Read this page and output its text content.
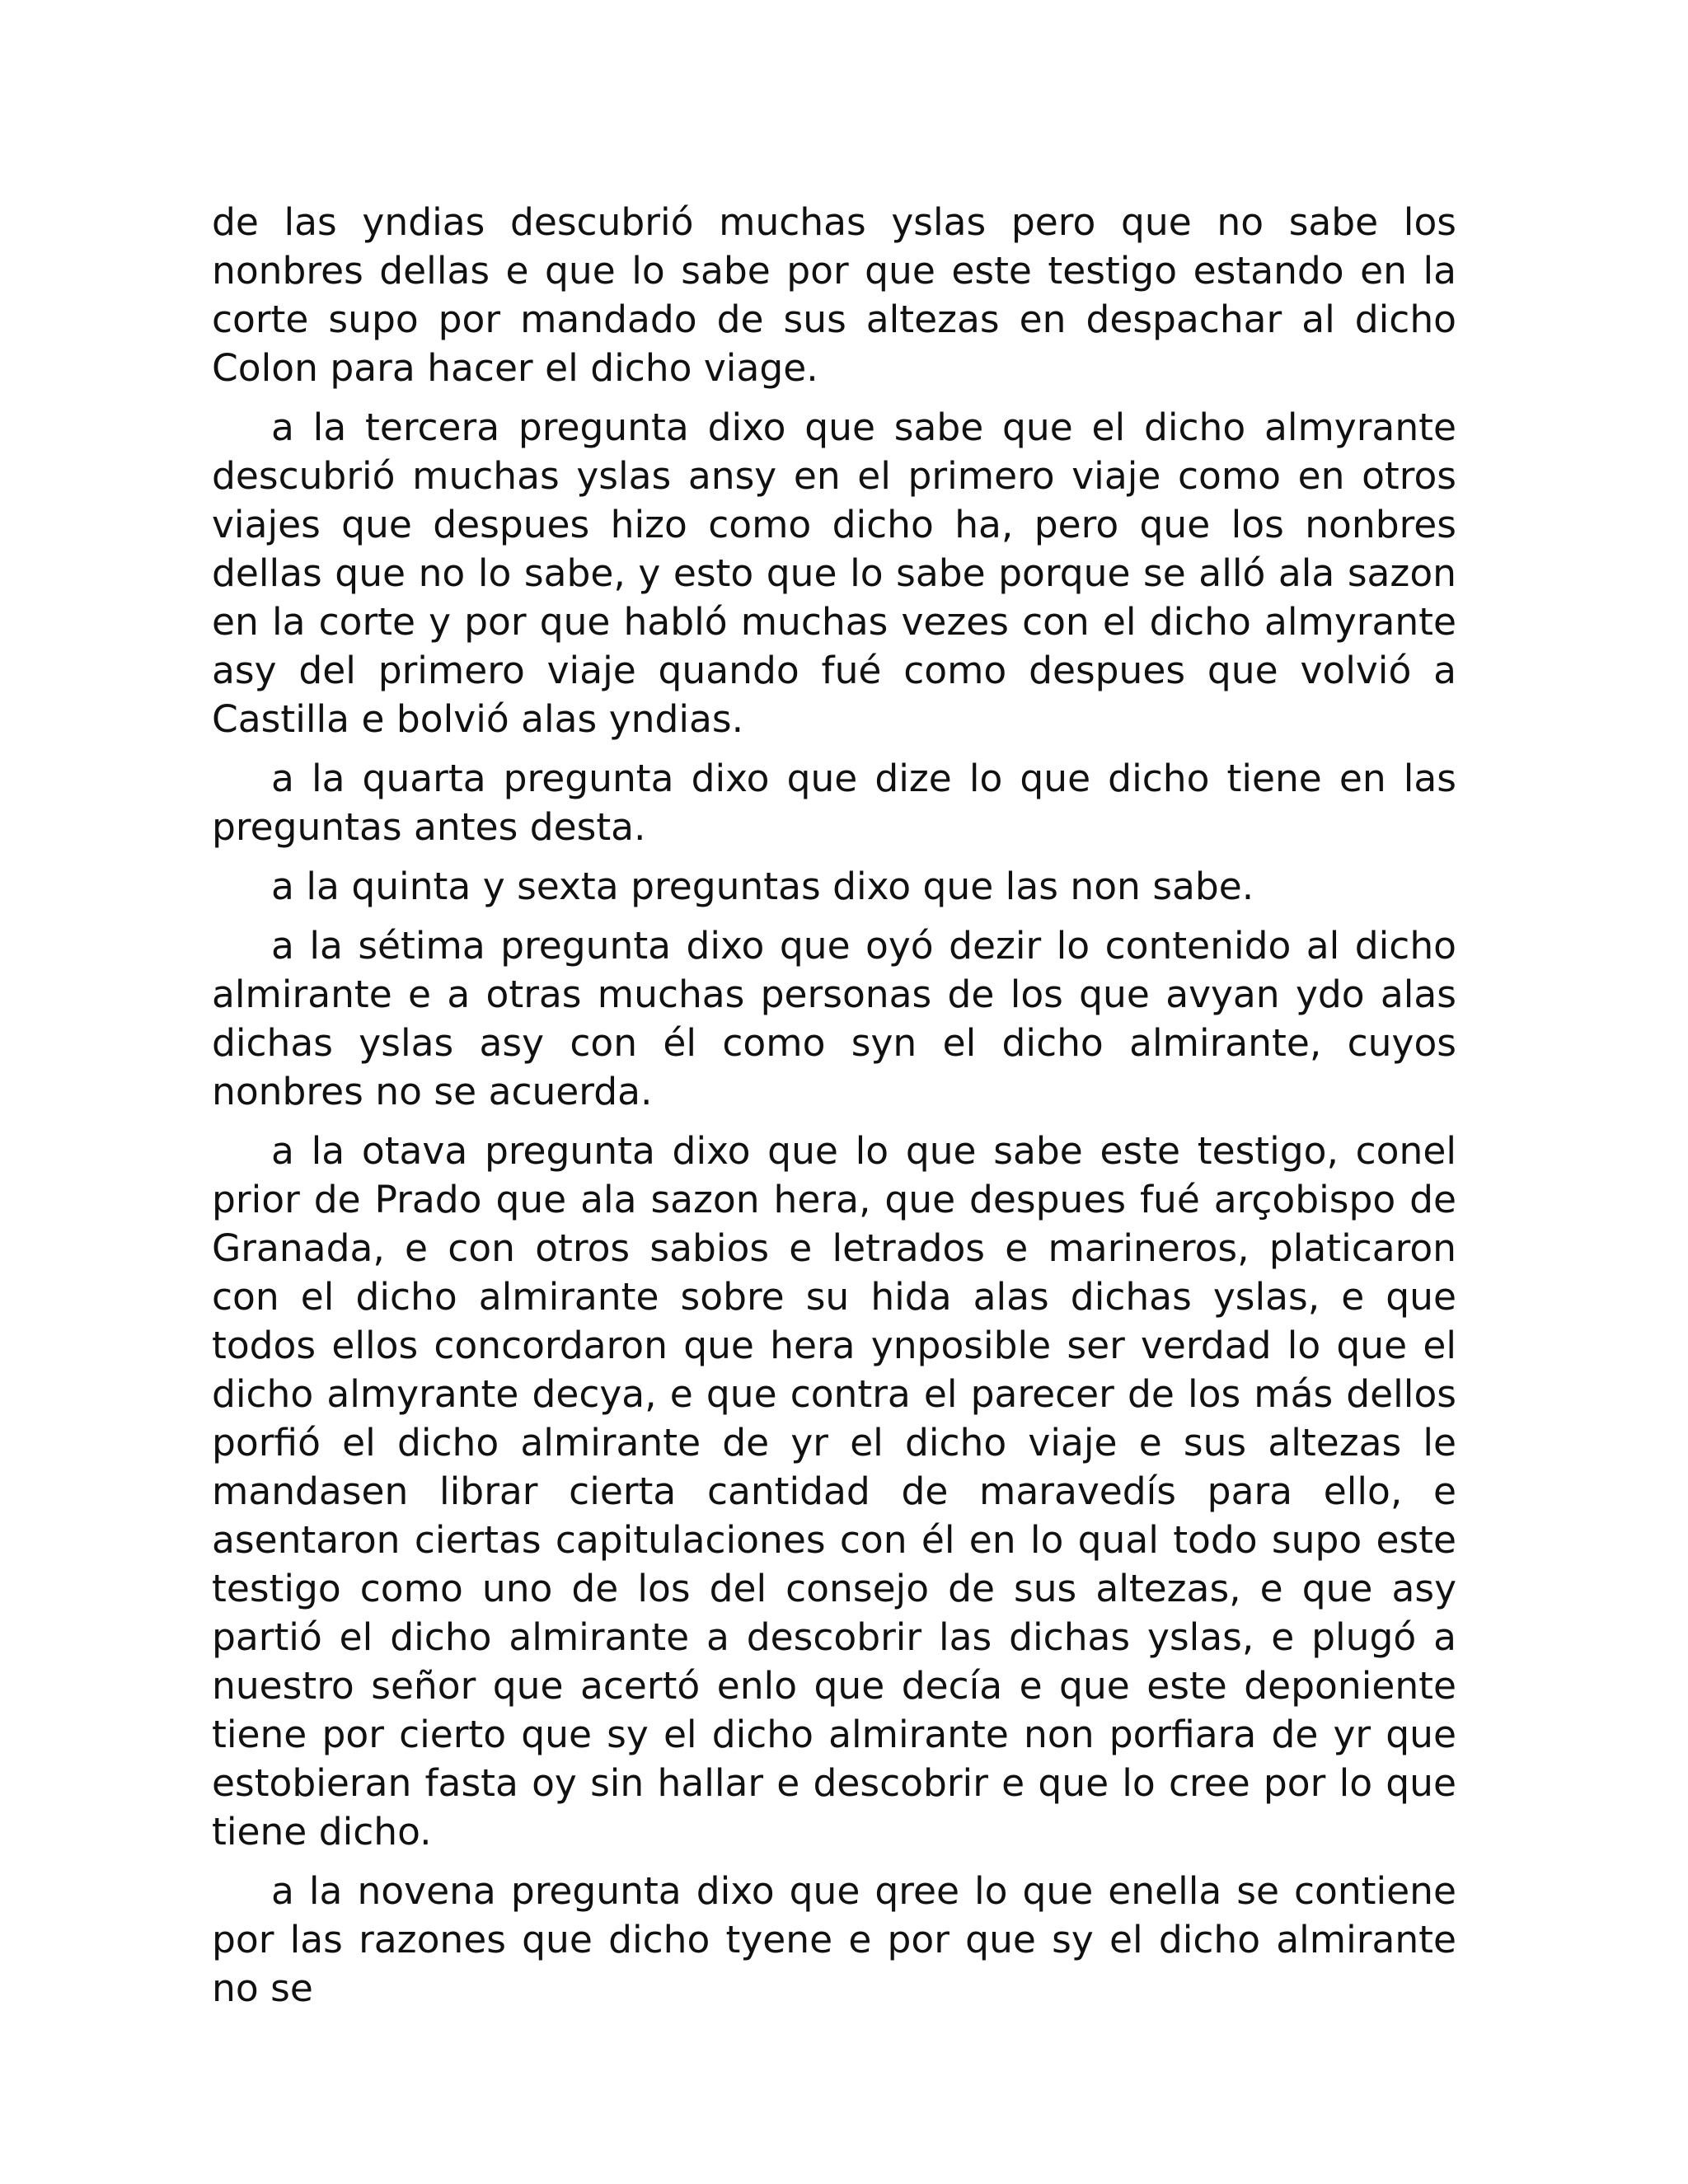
de las yndias descubrió muchas yslas pero que no sabe los nonbres dellas e que lo sabe por que este testigo estando en la corte supo por mandado de sus altezas en despachar al dicho Colon para hacer el dicho viage.

a la tercera pregunta dixo que sabe que el dicho almyrante descubrió muchas yslas ansy en el primero viaje como en otros viajes que despues hizo como dicho ha, pero que los nonbres dellas que no lo sabe, y esto que lo sabe porque se alló ala sazon en la corte y por que habló muchas vezes con el dicho almyrante asy del primero viaje quando fué como despues que volvió a Castilla e bolvió alas yndias.

a la quarta pregunta dixo que dize lo que dicho tiene en las preguntas antes desta.

a la quinta y sexta preguntas dixo que las non sabe.

a la sétima pregunta dixo que oyó dezir lo contenido al dicho almirante e a otras muchas personas de los que avyan ydo alas dichas yslas asy con él como syn el dicho almirante, cuyos nonbres no se acuerda.

a la otava pregunta dixo que lo que sabe este testigo, conel prior de Prado que ala sazon hera, que despues fué arçobispo de Granada, e con otros sabios e letrados e marineros, platicaron con el dicho almirante sobre su hida alas dichas yslas, e que todos ellos concordaron que hera ynposible ser verdad lo que el dicho almyrante decya, e que contra el parecer de los más dellos porfió el dicho almirante de yr el dicho viaje e sus altezas le mandasen librar cierta cantidad de maravedís para ello, e asentaron ciertas capitulaciones con él en lo qual todo supo este testigo como uno de los del consejo de sus altezas, e que asy partió el dicho almirante a descobrir las dichas yslas, e plugó a nuestro señor que acertó enlo que decía e que este deponiente tiene por cierto que sy el dicho almirante non porfiara de yr que estobieran fasta oy sin hallar e descobrir e que lo cree por lo que tiene dicho.

a la novena pregunta dixo que qree lo que enella se contiene por las razones que dicho tyene e por que sy el dicho almirante no se
